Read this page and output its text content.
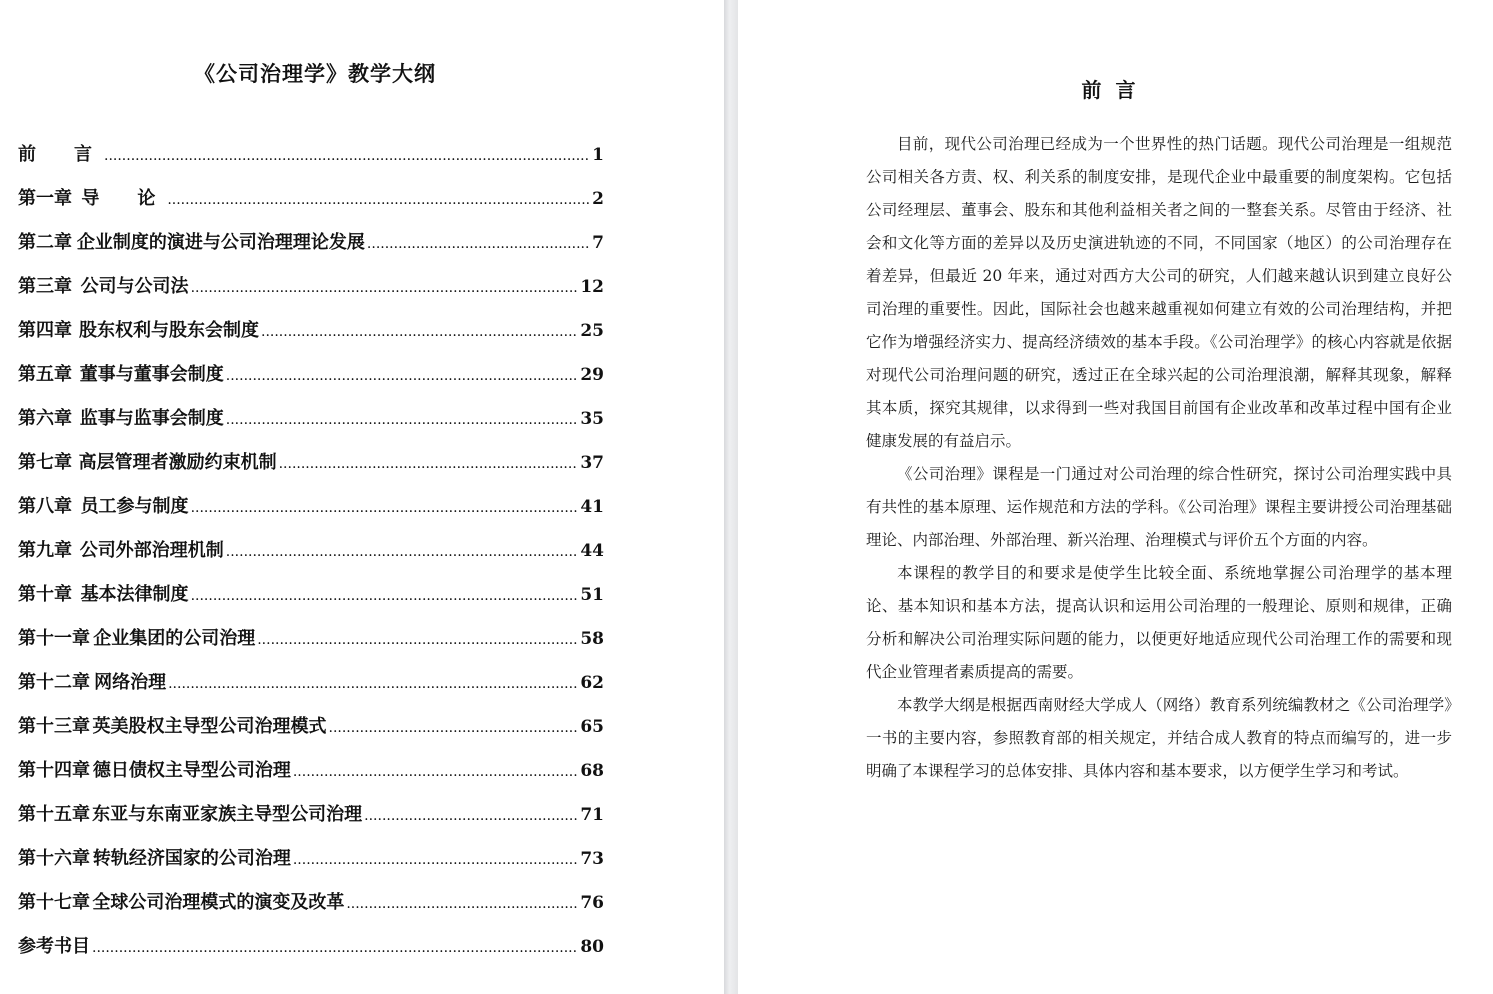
《公司治理学》教学大纲
前　言 .....	1
第一章 导　论 .....	2
第二章 企业制度的演进与公司治理理论发展 .....	7
第三章 公司与公司法 .....	12
第四章 股东权利与股东会制度 .....	25
第五章 董事与董事会制度 .....	29
第六章 监事与监事会制度 .....	35
第七章 高层管理者激励约束机制 .....	37
第八章 员工参与制度 .....	41
第九章 公司外部治理机制 .....	44
第十章 基本法律制度 .....	51
第十一章 企业集团的公司治理 .....	58
第十二章 网络治理 .....	62
第十三章 英美股权主导型公司治理模式 .....	65
第十四章 德日债权主导型公司治理 .....	68
第十五章 东亚与东南亚家族主导型公司治理 .....	71
第十六章 转轨经济国家的公司治理 .....	73
第十七章 全球公司治理模式的演变及改革 .....	76
参考书目 .....	80
前言

目前，现代公司治理已经成为一个世界性的热门话题。现代公司治理是一组规范公司相关各方责、权、利关系的制度安排，是现代企业中最重要的制度架构。它包括公司经理层、董事会、股东和其他利益相关者之间的一整套关系。尽管由于经济、社会和文化等方面的差异以及历史演进轨迹的不同，不同国家（地区）的公司治理存在着差异，但最近 20 年来，通过对西方大公司的研究，人们越来越认识到建立良好公司治理的重要性。因此，国际社会也越来越重视如何建立有效的公司治理结构，并把它作为增强经济实力、提高经济绩效的基本手段。《公司治理学》的核心内容就是依据对现代公司治理问题的研究，透过正在全球兴起的公司治理浪潮，解释其现象，解释其本质，探究其规律，以求得到一些对我国目前国有企业改革和改革过程中国有企业健康发展的有益启示。

《公司治理》课程是一门通过对公司治理的综合性研究，探讨公司治理实践中具有共性的基本原理、运作规范和方法的学科。《公司治理》课程主要讲授公司治理基础理论、内部治理、外部治理、新兴治理、治理模式与评价五个方面的内容。

本课程的教学目的和要求是使学生比较全面、系统地掌握公司治理学的基本理论、基本知识和基本方法，提高认识和运用公司治理的一般理论、原则和规律，正确分析和解决公司治理实际问题的能力，以便更好地适应现代公司治理工作的需要和现代企业管理者素质提高的需要。

本教学大纲是根据西南财经大学成人（网络）教育系列统编教材之《公司治理学》一书的主要内容，参照教育部的相关规定，并结合成人教育的特点而编写的，进一步明确了本课程学习的总体安排、具体内容和基本要求，以方便学生学习和考试。
